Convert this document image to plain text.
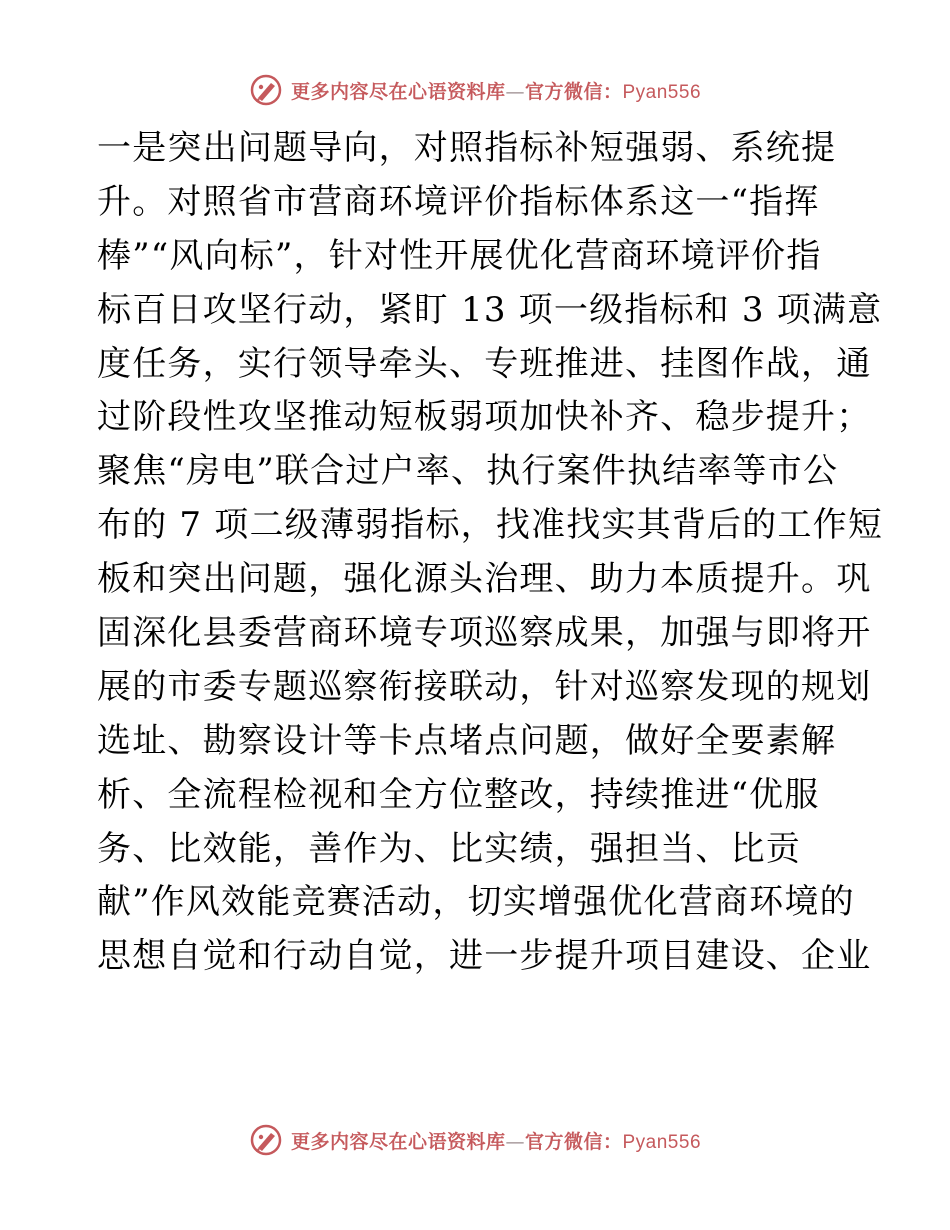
更多内容尽在心语资料库—官方微信：Pyan556
一是突出问题导向，对照指标补短强弱、系统提
升。对照省市营商环境评价指标体系这一“指挥
棒”“风向标”，针对性开展优化营商环境评价指
标百日攻坚行动，紧盯 13 项一级指标和 3 项满意
度任务，实行领导牵头、专班推进、挂图作战，通
过阶段性攻坚推动短板弱项加快补齐、稳步提升；
聚焦“房电”联合过户率、执行案件执结率等市公
布的 7 项二级薄弱指标，找准找实其背后的工作短
板和突出问题，强化源头治理、助力本质提升。巩
固深化县委营商环境专项巡察成果，加强与即将开
展的市委专题巡察衔接联动，针对巡察发现的规划
选址、勘察设计等卡点堵点问题，做好全要素解
析、全流程检视和全方位整改，持续推进“优服
务、比效能，善作为、比实绩，强担当、比贡
献”作风效能竞赛活动，切实增强优化营商环境的
思想自觉和行动自觉，进一步提升项目建设、企业
更多内容尽在心语资料库—官方微信：Pyan556
